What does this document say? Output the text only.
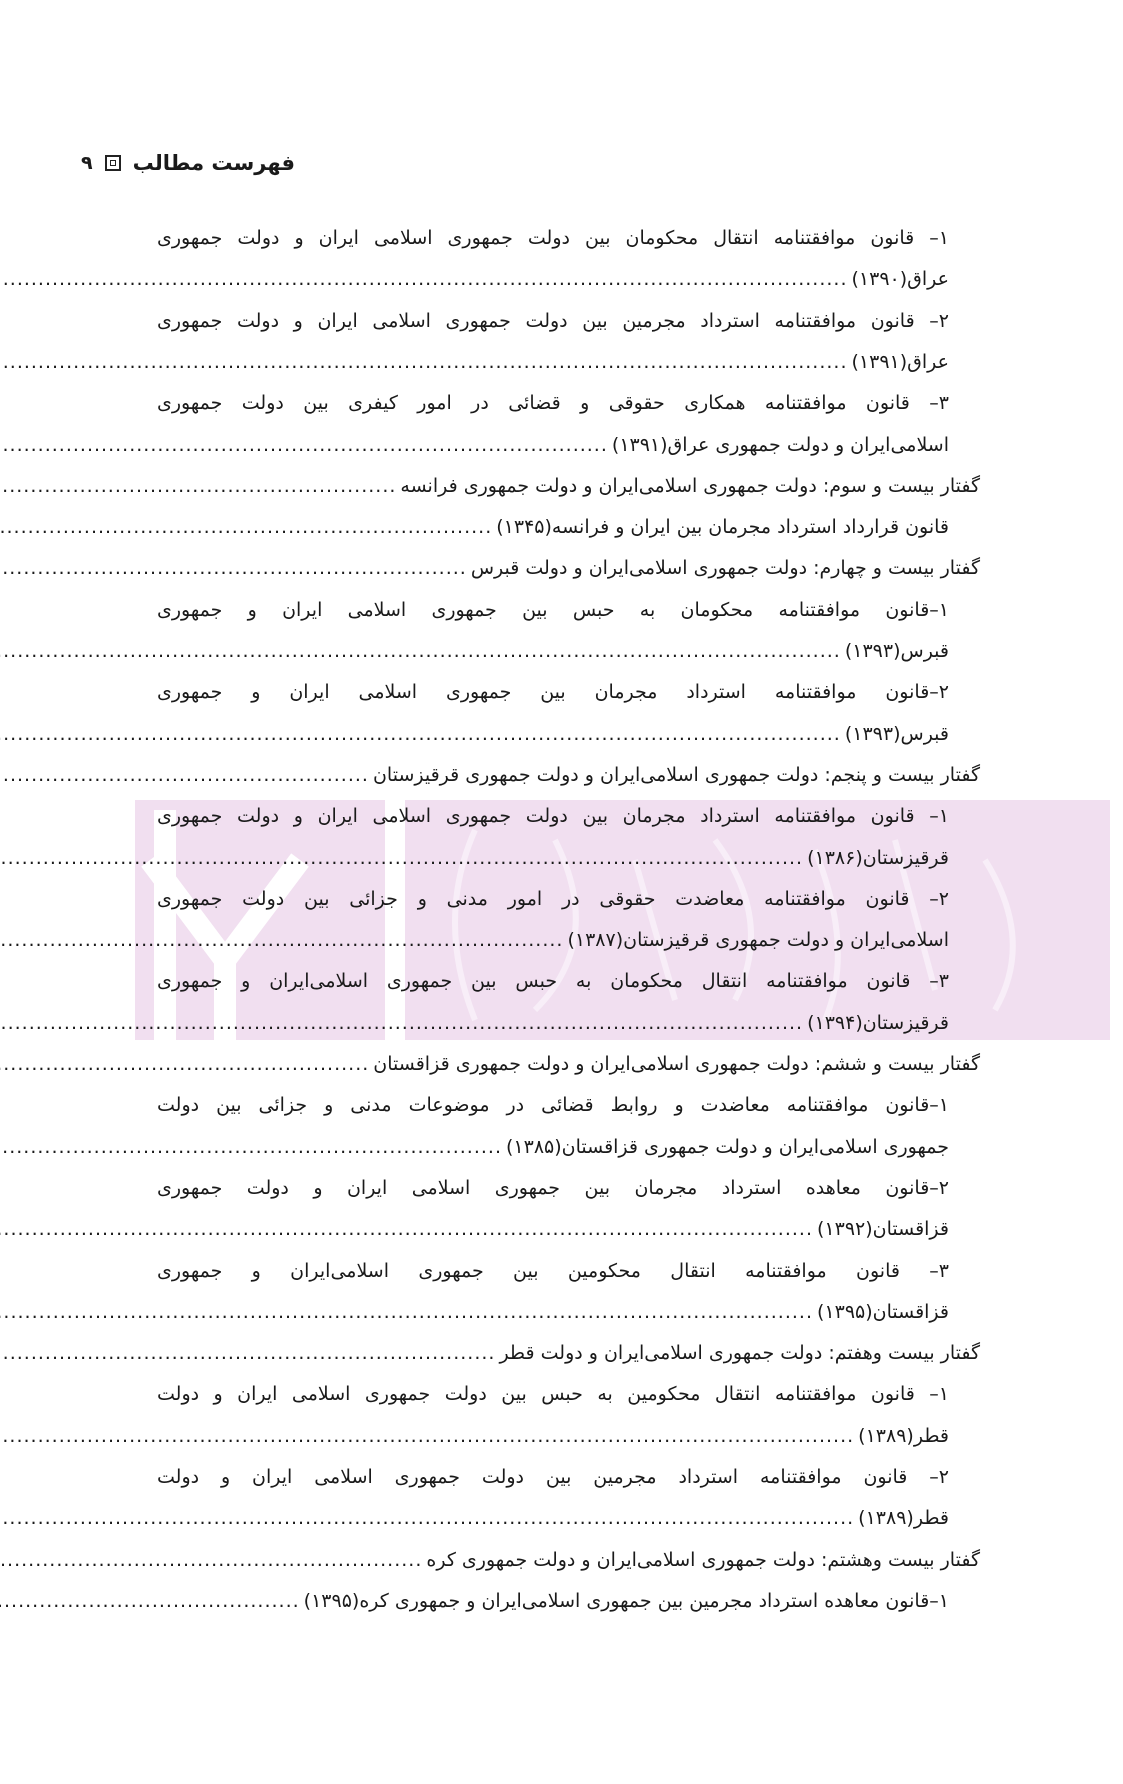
فهرست مطالب
۹
۱– قانون موافقتنامه انتقال محکومان بین دولت جمهوری اسلامی ایران و دولت جمهوری
عراق(۱۳۹۰)
.....
۲– قانون موافقتنامه استرداد مجرمین بین دولت جمهوری اسلامی ایران و دولت جمهوری
عراق(۱۳۹۱)
.....
۳– قانون موافقتنامه همکاری حقوقی و قضائی در امور کیفری بین دولت جمهوری
اسلامی‌ایران و دولت جمهوری عراق(۱۳۹۱)
.....
گفتار بیست و سوم: دولت جمهوری اسلامی‌ایران و دولت جمهوری فرانسه
.....
قانون قرارداد استرداد مجرمان بین ایران و فرانسه(۱۳۴۵)
.....
گفتار بیست و چهارم: دولت جمهوری اسلامی‌ایران و دولت قبرس
.....
۱–قانون موافقتنامه محکومان به حبس بین جمهوری اسلامی ایران و جمهوری
قبرس(۱۳۹۳)
.....
۲–قانون موافقتنامه استرداد مجرمان بین جمهوری اسلامی ایران و جمهوری
قبرس(۱۳۹۳)
.....
گفتار بیست و پنجم: دولت جمهوری اسلامی‌ایران و دولت جمهوری قرقیزستان
.....
۱– قانون موافقتنامه استرداد مجرمان بین دولت جمهوری اسلامی ایران و دولت جمهوری
قرقیزستان(۱۳۸۶)
.....
۲– قانون موافقتنامه معاضدت حقوقی در امور مدنی و جزائی بین دولت جمهوری
اسلامی‌ایران و دولت جمهوری قرقیزستان(۱۳۸۷)
.....
۳– قانون موافقتنامه انتقال محکومان به حبس بین جمهوری اسلامی‌ایران و جمهوری
قرقیزستان(۱۳۹۴)
.....
گفتار بیست و ششم: دولت جمهوری اسلامی‌ایران و دولت جمهوری قزاقستان
.....
۱–قانون موافقتنامه معاضدت و روابط قضائی در موضوعات مدنی و جزائی بین دولت
جمهوری اسلامی‌ایران و دولت جمهوری قزاقستان(۱۳۸۵)
.....
۲–قانون معاهده استرداد مجرمان بین جمهوری اسلامی ایران و دولت جمهوری
قزاقستان(۱۳۹۲)
.....
۳– قانون موافقتنامه انتقال محکومین بین جمهوری اسلامی‌ایران و جمهوری
قزاقستان(۱۳۹۵)
.....
گفتار بیست وهفتم: دولت جمهوری اسلامی‌ایران و دولت قطر
.....
۱– قانون موافقتنامه انتقال محکومین به حبس بین دولت جمهوری اسلامی ایران و دولت
قطر(۱۳۸۹)
.....
۲– قانون موافقتنامه استرداد مجرمین بین دولت جمهوری اسلامی ایران و دولت
قطر(۱۳۸۹)
.....
گفتار بیست وهشتم: دولت جمهوری اسلامی‌ایران و دولت جمهوری کره
.....
۱–قانون معاهده استرداد مجرمین بین جمهوری اسلامی‌ایران و جمهوری کره(۱۳۹۵)
.....
